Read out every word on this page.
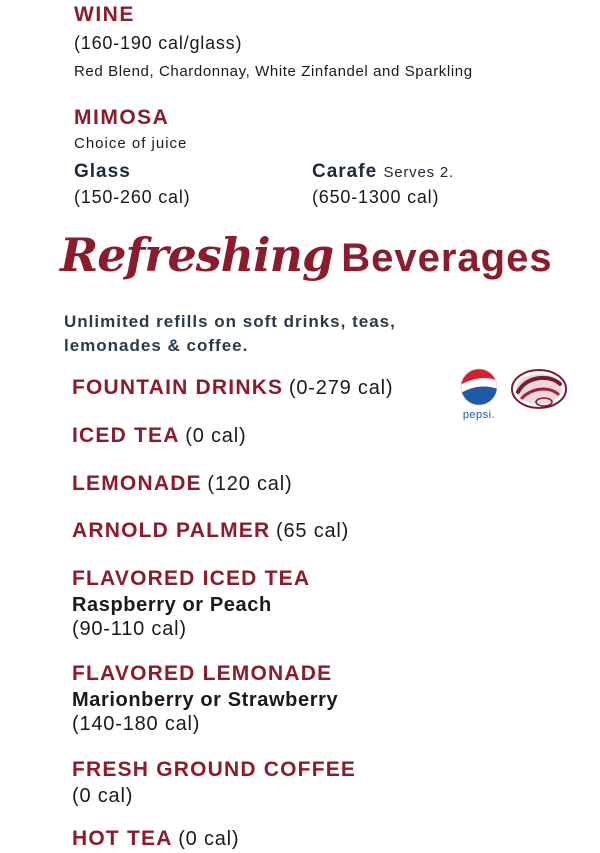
WINE
(160-190 cal/glass)
Red Blend, Chardonnay, White Zinfandel and Sparkling
MIMOSA
Choice of juice
Glass
(150-260 cal)
Carafe Serves 2.
(650-1300 cal)
Refreshing Beverages
Unlimited refills on soft drinks, teas,
lemonades & coffee.
pepsi.
FOUNTAIN DRINKS (0-279 cal)
ICED TEA (0 cal)
LEMONADE (120 cal)
ARNOLD PALMER (65 cal)
FLAVORED ICED TEA
Raspberry or Peach
(90-110 cal)
FLAVORED LEMONADE
Marionberry or Strawberry
(140-180 cal)
FRESH GROUND COFFEE
(0 cal)
HOT TEA (0 cal)
